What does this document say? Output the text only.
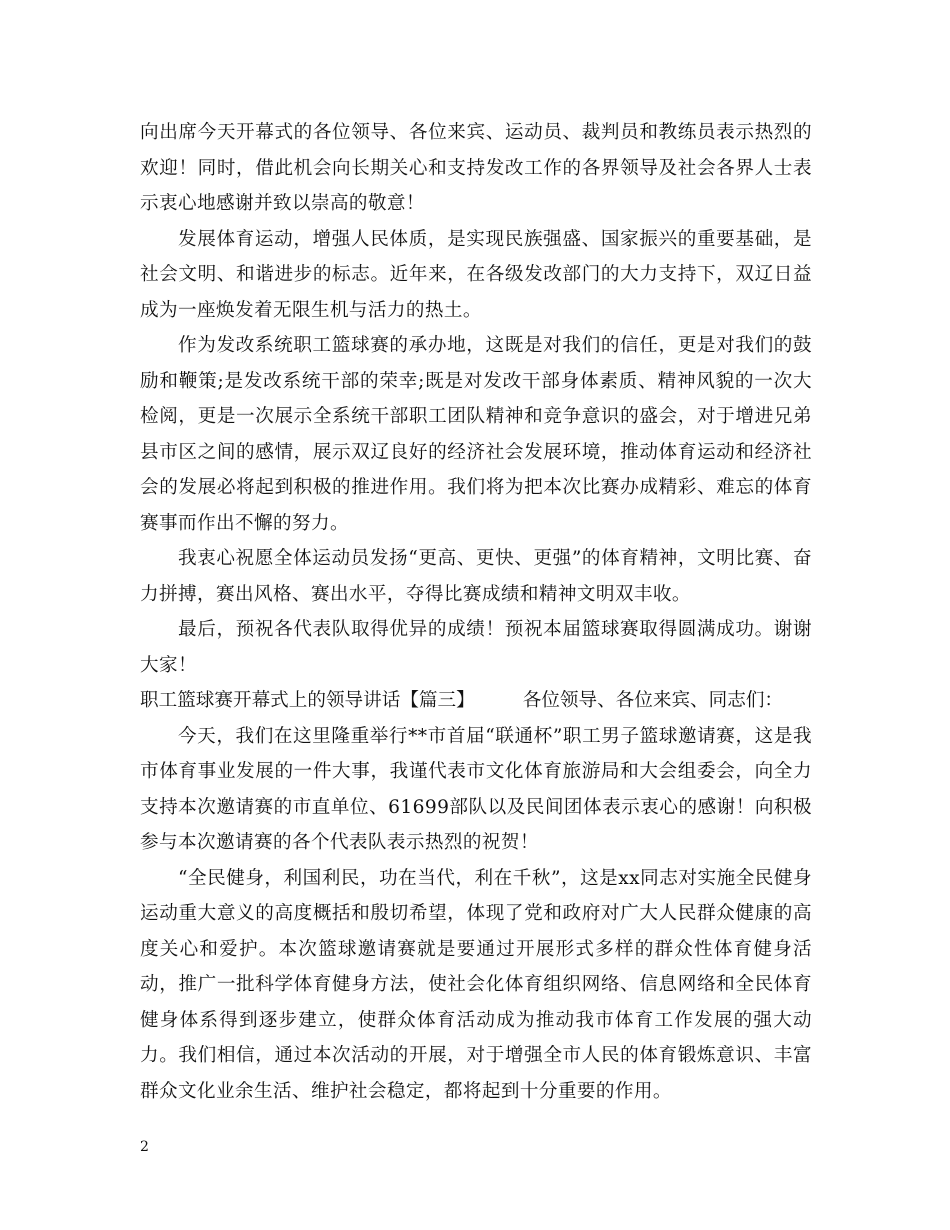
向出席今天开幕式的各位领导、各位来宾、运动员、裁判员和教练员表示热烈的欢迎！同时，借此机会向长期关心和支持发改工作的各界领导及社会各界人士表示衷心地感谢并致以崇高的敬意！

发展体育运动，增强人民体质，是实现民族强盛、国家振兴的重要基础，是社会文明、和谐进步的标志。近年来，在各级发改部门的大力支持下，双辽日益成为一座焕发着无限生机与活力的热土。

作为发改系统职工篮球赛的承办地，这既是对我们的信任，更是对我们的鼓励和鞭策;是发改系统干部的荣幸;既是对发改干部身体素质、精神风貌的一次大检阅，更是一次展示全系统干部职工团队精神和竞争意识的盛会，对于增进兄弟县市区之间的感情，展示双辽良好的经济社会发展环境，推动体育运动和经济社会的发展必将起到积极的推进作用。我们将为把本次比赛办成精彩、难忘的体育赛事而作出不懈的努力。

我衷心祝愿全体运动员发扬“更高、更快、更强”的体育精神，文明比赛、奋力拼搏，赛出风格、赛出水平，夺得比赛成绩和精神文明双丰收。

最后，预祝各代表队取得优异的成绩！预祝本届篮球赛取得圆满成功。谢谢大家！

职工篮球赛开幕式上的领导讲话【篇三】	各位领导、各位来宾、同志们：

今天，我们在这里隆重举行**市首届“联通杯”职工男子篮球邀请赛，这是我市体育事业发展的一件大事，我谨代表市文化体育旅游局和大会组委会，向全力支持本次邀请赛的市直单位、61699部队以及民间团体表示衷心的感谢！向积极参与本次邀请赛的各个代表队表示热烈的祝贺！

“全民健身，利国利民，功在当代，利在千秋”，这是xx同志对实施全民健身运动重大意义的高度概括和殷切希望，体现了党和政府对广大人民群众健康的高度关心和爱护。本次篮球邀请赛就是要通过开展形式多样的群众性体育健身活动，推广一批科学体育健身方法，使社会化体育组织网络、信息网络和全民体育健身体系得到逐步建立，使群众体育活动成为推动我市体育工作发展的强大动力。我们相信，通过本次活动的开展，对于增强全市人民的体育锻炼意识、丰富群众文化业余生活、维护社会稳定，都将起到十分重要的作用。

2
